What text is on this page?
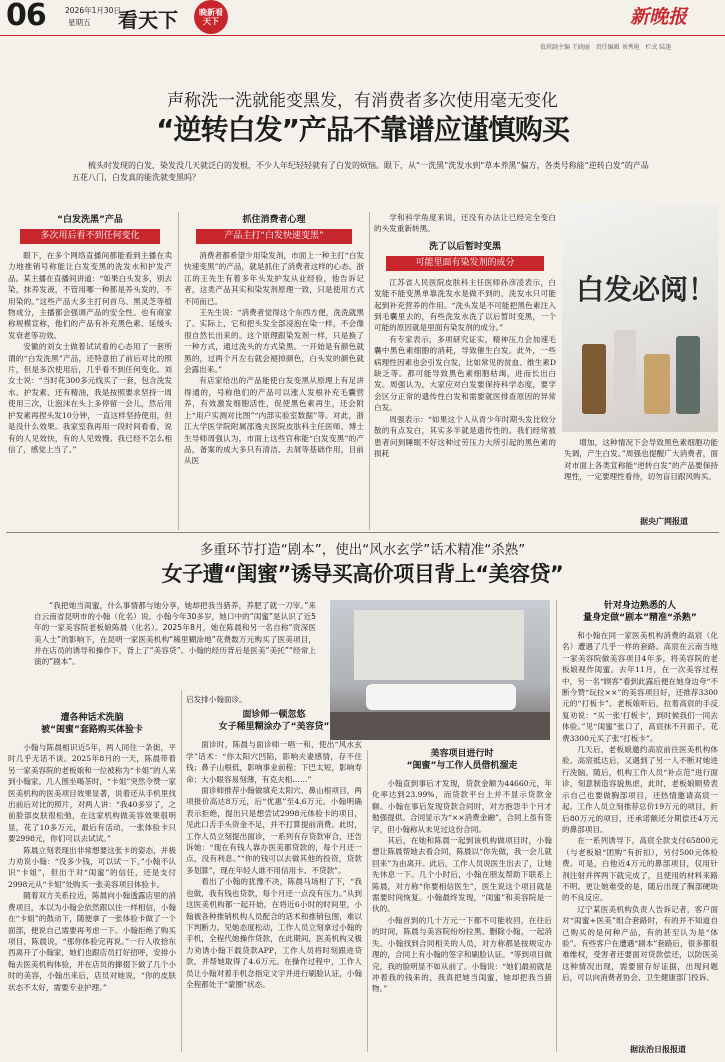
06	2026年1月30日
星期五 看天下	晚新看天下	新晚报
值班副主编 王晓丽 责任编辑 刘秀艳 栏式 陆逢
声称洗一洗就能变黑发，有消费者多次使用毫无变化
“逆转白发”产品不靠谱应谨慎购买
梳头时发现的白发，染发没几天就泛白的发根，不少人年纪轻轻就有了白发的烦恼。眼下，从“一洗黑”洗发水到“草本养黑”偏方，各类号称能“逆转白发”的产品五花八门，白发真的能洗就变黑吗？
“白发洗黑”产品
多次用后看不到任何变化

眼下，在多个网络直播间都能看到主播在卖力地推销号称能让白发变黑的洗发水和护发产品。某主播在直播间讲道：“如果白头发多，别去染，抹养发液，不管用哪一种都是养头发的，不用染的。”这些产品大多主打何首乌、黑灵芝等植物成分，主播都会强调产品的安全性。也有商家称规模宣称，他们的产品有补充黑色素、延缓头发衰老等功效。

安徽的刘女士做着试试看的心态用了一套所谓的“白发洗黑”产品，还特意拍了前后对比的照片，但是多次使用后，几乎看不到任何变化。刘女士说：“当时花300多元线买了一套，包含洗发水、护发素、还有精油，我是按照要求坚持一周使用三次，让泡沫在头上多停留一会儿，然后用护发素再捏头发10分钟，一直这样坚持使用，但是没什么效果。我家室我再用一段时间看看，说有的人见效快，有的人见效慢。我已经不怎么相信了，感觉上当了。”

抓住消费者心理
产品主打“白发快速变黑”

消费者都希望少用染发剂，市面上一种主打“白发快速变黑”的产品，就是抓住了消费者这样的心态。浙江的王先生有着多年头发护发从业经验，他告诉记者，这类产品其实和染发剂原理一致，只是使用方式不同而已。

王先生说：“消费者觉得这个东西方便，洗洗就黑了。实际上，它和把头发全部浸泡在染一样，不会像很自然长出来的。这个原理跟染发剂一样，只是换了一种方式，通过洗头的方式染黑。一开始是有颜色就黑的，过两个月左右就会褪掉颜色，白头发的颜色就会露出来。”

有店家给出的产品能使白发变黑从原理上有足讲得通的，号称他们的产品可以涨人发根补充毛囊营养，有效激发细胞活性，促使黑色素再生，还会附上“用户实测对比图”“内部实验室数据”等。对此，浙江大学医学院附属邵逸夫医院皮肤科主任医师、博士生导师周强认为，市面上这些官称能“白发变黑”的产品，备案的成大多只有清洁、去屑等基础作用，目前从医

学和科学角度来说，还没有办法让已经完全变白的头发重新转黑。

洗了以后暂时变黑
可能里面有染发剂的成分

江苏省人民医院皮肤科主任医师孙彦凌表示，白发能不能变黑单靠洗发水是做不到的，洗发水只可能起到补充营养的作用。“洗头发是不可能把黑色素注入到毛囊里去的，有些洗发水洗了以后暂时变黑，一个可能的原因就是里面有染发剂的成分。”

有专家表示，多项研究证实，精神压力会加速毛囊中黑色素细胞的消耗，导致催生白发。此外，一些病理性因素也会引发白发，比如常见的贫血、维生素D缺乏等。都可能导致黑色素细胞枯竭，进而长出白发。周强认为，大家应对白发要保持科学态度，要学会区分正常的遗传性白发和需要就医排查原因的异常白发。

周强表示：“如果这个人从青少年时期头发比较分散的有点发白，其实多半就是遗传性的。我们经常被患者问到睡眠不好这种过劳压力大所引起的黑色素的损耗

白发必阅！

增加，这种情况下会导致黑色素细胞功能失调，产生白发。”周强也提醒广大消费者，面对市面上各类宣称能“逆转白发”的产品要保持理性，一定要理性看待，切勿盲目跟风购买。

据央广网报道
多重环节打造“剧本”，使出“风水玄学”话术精准“杀熟”
女子遭“闺蜜”诱导买高价项目背上“美容贷”

“我把她当闺蜜，什么事情都与她分享，她却把我当猎养，养肥了就一刀宰。”来自云南省昆明市的小翰（化名）说。小翰今年30多岁，她口中的“闺蜜”是认识了近5年的一家美容院老板娘陈晨（化名）。2025年8月，她在陈晨和另一名自称“资深医美人士”的影响下，在昆明一家医美机构“稀里糊涂地”花费数万元购买了医美项目，并在店员的诱导和操作下，背上了“美容贷”。小翰的经历背后是医美“美托”“经常上演的”剧本”。

针对身边熟悉的人
量身定做“剧本”精准“杀熟”

和小翰在同一家医美机构消费的高宸（化名）遭遇了几乎一样的套路。高宸在云南当地一家美容院做美容项目4年多，将美容院的老板娘视作闺蜜。去年11月，在一次美容过程中，另一名“顾客”看到此露后便在她身边夸“不断今赞“玩拉××”的美容项目好，还推荐3300元的“打板卡”。老板娘听后，拉着高宸的手反复劝说：“买一张‘打板卡’，到时候我们一同去体验。”见“闺蜜”张口了，高宸抹不开面子，花费3300元买了张“打板卡”。

几天后，老板娘邀约高宸前往医美机构体验。高宸抵达后，又遇到了另一人不断对她进行洗脑。随后，机构工作人员“补点范”进行面诊，刻意制造容貌焦虑，此时，老板娘顺势表示自己也要做胸部项目，还热情邀请高宸一起。工作人员立刻推荐总价19万元的项目，折后80万元的项目，还承诺额还分期偿还4万元的鼻部项目。

在一系列诱导下，高宸全款支付65800元（与老板娘“团购”有折扣），另付500元体检费。可是，白他近4万元的鼻部项目，仅用针剂注射并挥两下就完成了，且使用的材料来路不明。更让她难受的是，随后出现了胸部硬块的不良反应。

辽宁某医美机构负责人告诉记者，客户面对“闺蜜+医美”组合套路时，有的并不知道自己购买的是何种产品，有的甚至认为是“体验”。有些客户在遭遇“剧本”套路后，很多都很难维权，受害者还要面对贷款偿还，以防医美这种情况出现，需要留存好证据，出现问题后，可以向消费者协会、卫生健康部门投诉。

据法治日报报道
遭各种话术洗脑
被“闺蜜”套路购买体验卡

小翰与陈晨相识近5年，两人同住一条街，平时几乎无话不谈。2025年8月的一天，陈晨带着另一家美容院的老板娘和一位被称为“卡姐”的人来到小翰家。几人围坐喝茶时，“卡姐”突然令赞一家医美机构的医美项目效果显著，说着还从手机里找出前后对比的照片，对两人讲：“我40多岁了，之前脸部皮肤很松弛，在这家机构做美容效果很明显，花了10多万元，最后有活动，一张体验卡只要2998元，你们可以去试试。”

陈晨立刻表现出非常想要这张卡的姿态，并极力劝说小翰：“没多少钱，可以试一下。”小翰不认识“卡姐”，但出于对“闺蜜”的信任，还是支付2998元从“卡姐”处购买一张美容项目体验卡。

随着双方关系拉近，陈晨向小翰透露店里的消费项目，本以为小翰会依然跟以往一样相信，小翰在“卡姐”的鼓动下，随便拿了一张体验卡做了一个面部，便说自己需要再考虑一下。小翰拒绝了购买项目，陈晨说，“那你体验完再说。”一行人收拾东西离开了小翰家，她们也跟店员打好招呼，安排小翰去医美机构体验，并在店员的撺掇下做了几个小时的美容，小翰出来后，店员对她说，“你的皮肤状态不太好，需要专业护理。”

启发排小翰面诊。

面诊师一顿忽悠
女子稀里糊涂办了“美容贷”

面诊时，陈晨与面诊师一唱一和，使出“风水玄学”话术：“你太阳穴凹陷，影响夫妻感情，存不住钱；鼻子山根低，影响事业前程；下巴太短，影响寿命；大小眼容易刻薄，有克夫相……”

面诊师推荐小翰做填充太阳穴、鼻山根项目，两项报价高达8万元，后“优惠”至4.6万元。小翰明确表示拒绝，提出只是想尝试2998元体验卡的项目，见此口舌手头资金不足，并不打算提前消费。此时，工作人员立刻提出面诊，一系列有存贷款审合，还告诉她：“现在有钱人靠办医美都贷款的，每个月还一点，没有利息。”“你的钱可以去做其他的投资，贷款多划算”，现在年轻人谁不用信用卡、不贷款”。

看出了小翰的犹豫不决，陈晨马场相了下，“我也做，我有钱也贷款，每个月还一点没有压力。”从到这医美机构都一起开始，在将近6小时的时间里，小翰被各种推销机构人员配合的话术和推销包围，难以下判断力。见她态度松动，工作人员立刻拿过小翰的手机，全程代她操作贷款，在此期间，医美机构又极力劝诱小翰下载贷款APP，工作人员将时刻跟进贷款，并帮她取得了4.6万元。在操作过程中，工作人员让小翰对着手机念指定文字并进行刷脸认证，小翰全程都处于“蒙圈”状态。

美容项目进行时
“闺蜜”与工作人员借机溜走

小翰直到事后才发现，贷款金额为44660元，年化率达到23.99%，而贷款平台上并不显示贷款金额。小翰在事后发现贷款合同时，对方抱怨半个月才勉强提供。合同显示为“××消费金融”，合同上虽有签字，但小翰称从未见过这份合同。

其后，在她和陈晨一起到该机构做项目时，小翰想让陈晨帮她去看合同，陈晨以“你先做，我一会儿就回来”为由离开。此后，工作人员说医生出去了，让她先休息一下。几个小时后，小翰在朋友帮助下联系上陈晨，对方称“你要相信医生”，医生说这个项目就是需要时间恢复。小翰最终发现，“闺蜜”和美容院是一伙的。

小翰首到的几十万元一下都不可能收回，在往后的时间，陈晨与美容院纷纷拉黑、删除小翰，一起消失。小翰找到合同相关的人员，对方称都是按规定办理的，合同上有小翰的签字和刷脸认证。“等到项目做完，我的脸明显不如从前了。小翰说：“她们最初就是冲着我的钱来的，我真把她当闺蜜，她却把我当猎物。”
